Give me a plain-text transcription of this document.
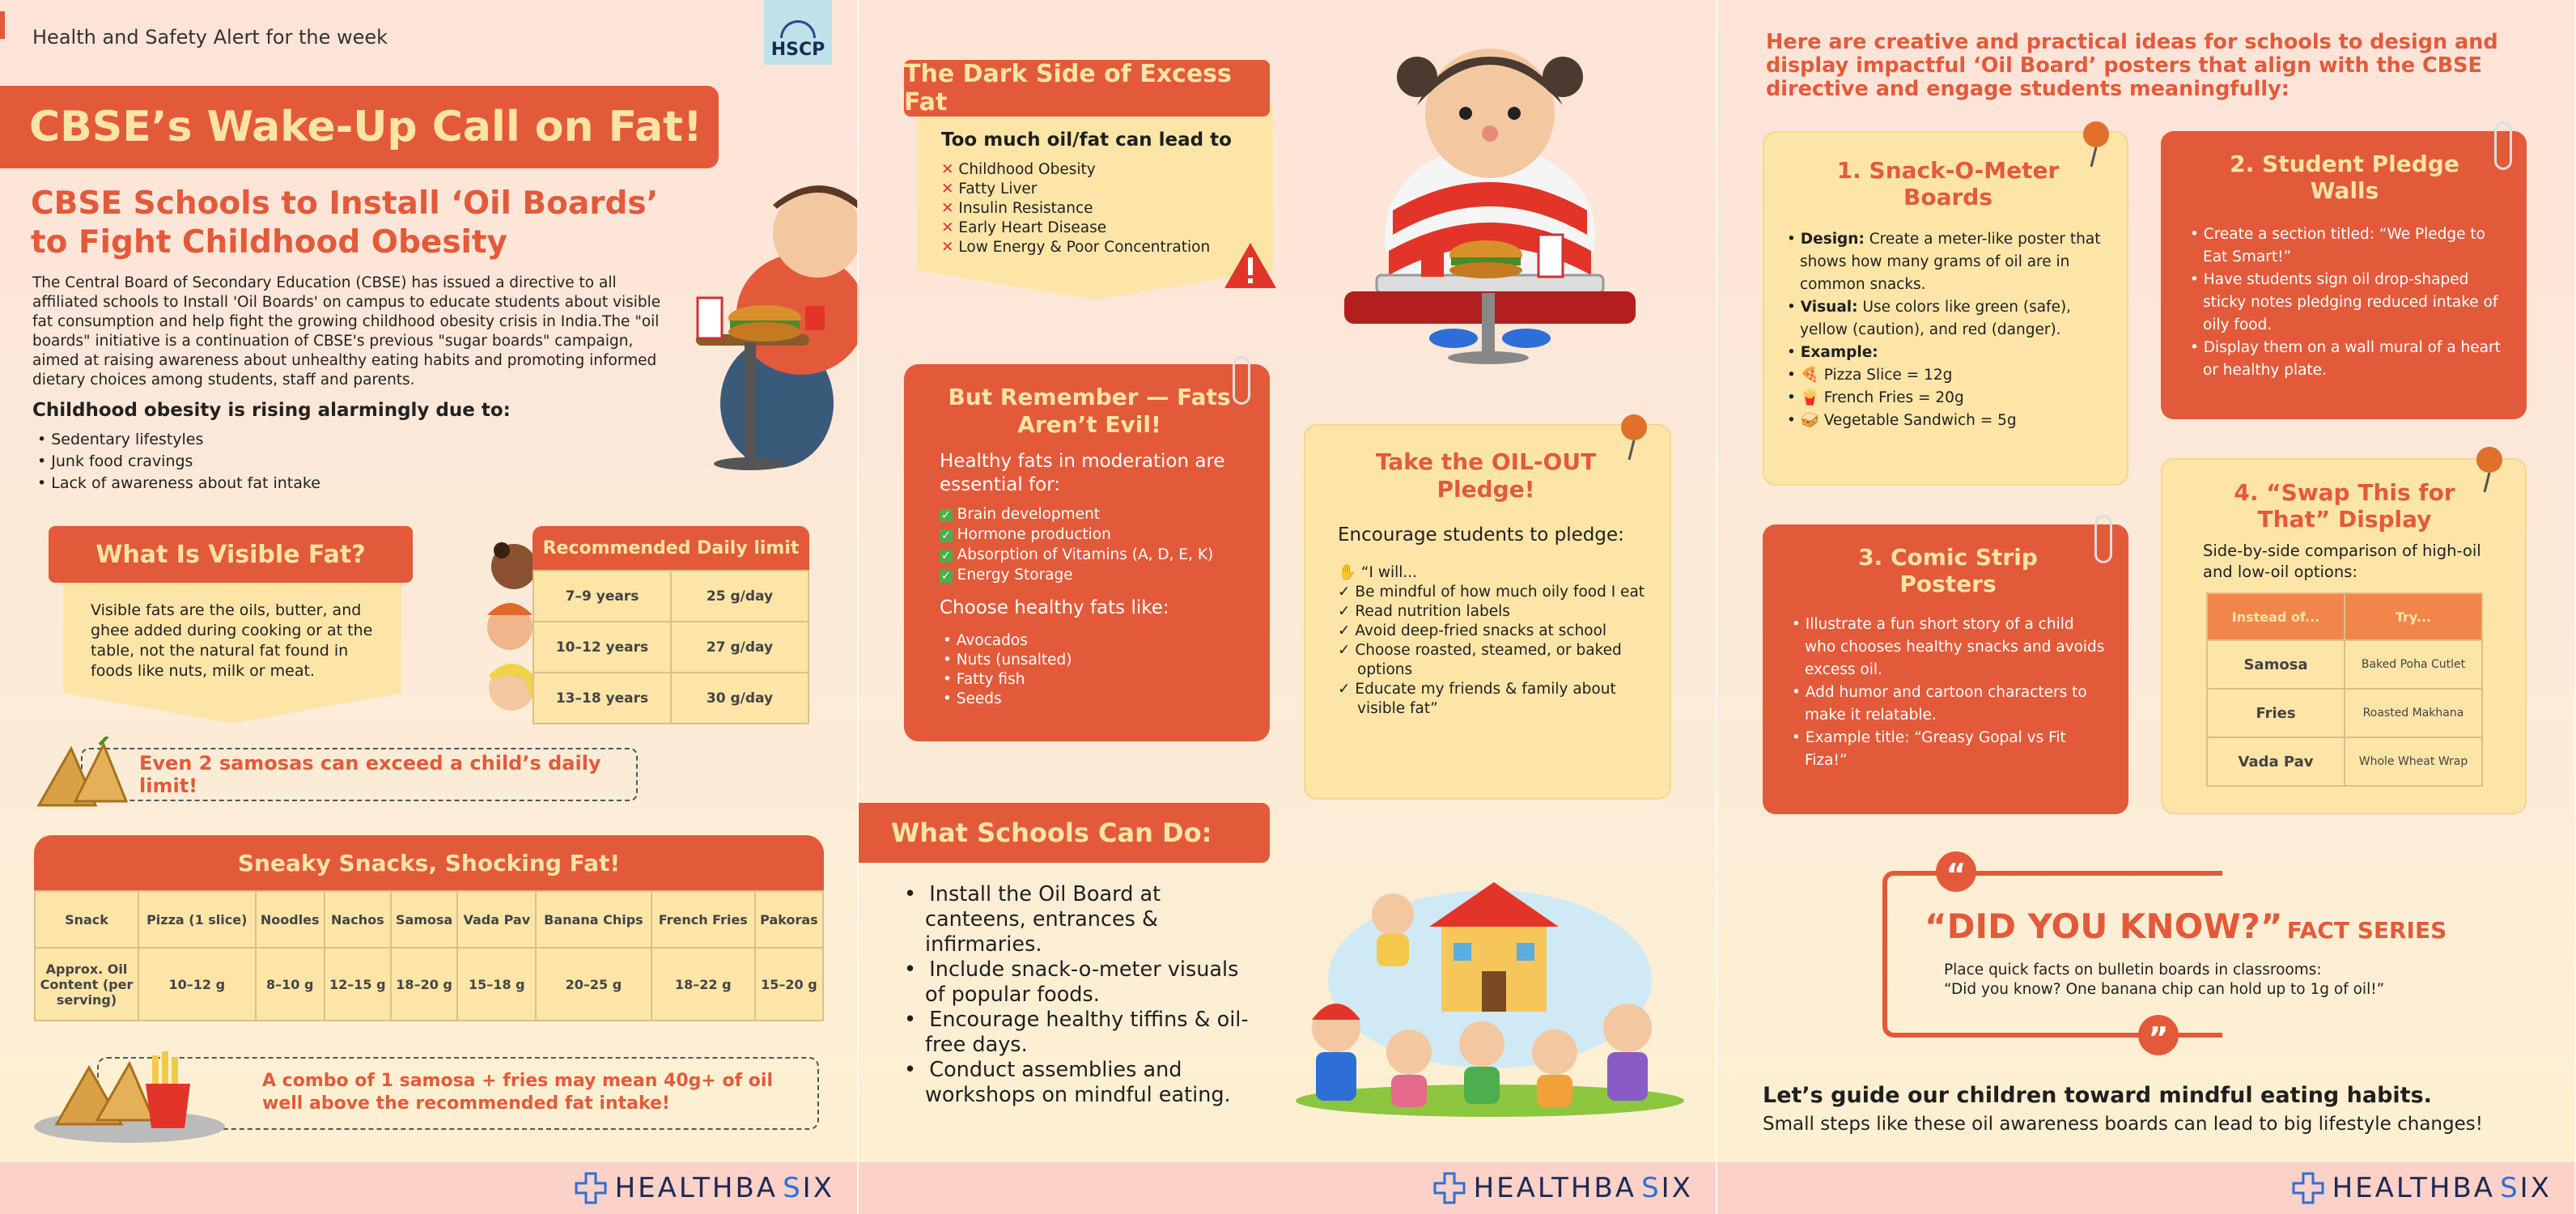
Health and Safety Alert for the week
HSCP
CBSE’s Wake-Up Call on Fat!
CBSE Schools to Install ‘Oil Boards’ to Fight Childhood Obesity
The Central Board of Secondary Education (CBSE) has issued a directive to all affiliated schools to Install 'Oil Boards' on campus to educate students about visible fat consumption and help fight the growing childhood obesity crisis in India.The "oil boards" initiative is a continuation of CBSE's previous "sugar boards" campaign, aimed at raising awareness about unhealthy eating habits and promoting informed dietary choices among students, staff and parents.
Childhood obesity is rising alarmingly due to:
• Sedentary lifestyles
• Junk food cravings
• Lack of awareness about fat intake
What Is Visible Fat?
Visible fats are the oils, butter, and ghee added during cooking or at the table, not the natural fat found in foods like nuts, milk or meat.
Recommended Daily limit
7–9 years	25 g/day
10–12 years	27 g/day
13–18 years	30 g/day
Even 2 samosas can exceed a child’s daily limit!
Sneaky Snacks, Shocking Fat!
Snack	Pizza (1 slice)	Noodles	Nachos	Samosa	Vada Pav	Banana Chips	French Fries	Pakoras
Approx. Oil Content (per serving)	10–12 g	8–10 g	12–15 g	18–20 g	15–18 g	20–25 g	18–22 g	15–20 g
A combo of 1 samosa + fries may mean 40g+ of oil well above the recommended fat intake!
HEALTHBA S IX
The Dark Side of Excess Fat
Too much oil/fat can lead to
✕ Childhood Obesity
✕ Fatty Liver
✕ Insulin Resistance
✕ Early Heart Disease
✕ Low Energy & Poor Concentration
But Remember — Fats Aren’t Evil!
Healthy fats in moderation are essential for:
✓ Brain development
✓ Hormone production
✓ Absorption of Vitamins (A, D, E, K)
✓ Energy Storage
Choose healthy fats like:
• Avocados
• Nuts (unsalted)
• Fatty fish
• Seeds
Take the OIL-OUT Pledge!
Encourage students to pledge:
✋ “I will...
✓ Be mindful of how much oily food I eat
✓ Read nutrition labels
✓ Avoid deep-fried snacks at school
✓ Choose roasted, steamed, or baked options
✓ Educate my friends & family about visible fat”
What Schools Can Do:
•  Install the Oil Board at canteens, entrances & infirmaries.
•  Include snack-o-meter visuals of popular foods.
•  Encourage healthy tiffins & oil-free days.
•  Conduct assemblies and workshops on mindful eating.
HEALTHBA S IX
Here are creative and practical ideas for schools to design and display impactful ‘Oil Board’ posters that align with the CBSE directive and engage students meaningfully:
1. Snack-O-Meter Boards
• Design: Create a meter-like poster that shows how many grams of oil are in common snacks.
• Visual: Use colors like green (safe), yellow (caution), and red (danger).
• Example:
• 🍕 Pizza Slice = 12g
• 🍟 French Fries = 20g
• 🥪 Vegetable Sandwich = 5g
2. Student Pledge Walls
• Create a section titled: “We Pledge to Eat Smart!”
• Have students sign oil drop-shaped sticky notes pledging reduced intake of oily food.
• Display them on a wall mural of a heart or healthy plate.
3. Comic Strip Posters
• Illustrate a fun short story of a child who chooses healthy snacks and avoids excess oil.
• Add humor and cartoon characters to make it relatable.
• Example title: “Greasy Gopal vs Fit Fiza!”
4. “Swap This for That” Display
Side-by-side comparison of high-oil and low-oil options:
Instead of...	Try...
Samosa	Baked Poha Cutlet
Fries	Roasted Makhana
Vada Pav	Whole Wheat Wrap
“
”
“DID YOU KNOW?” FACT SERIES
Place quick facts on bulletin boards in classrooms:
“Did you know? One banana chip can hold up to 1g of oil!”
Let’s guide our children toward mindful eating habits.
Small steps like these oil awareness boards can lead to big lifestyle changes!
HEALTHBA S IX
